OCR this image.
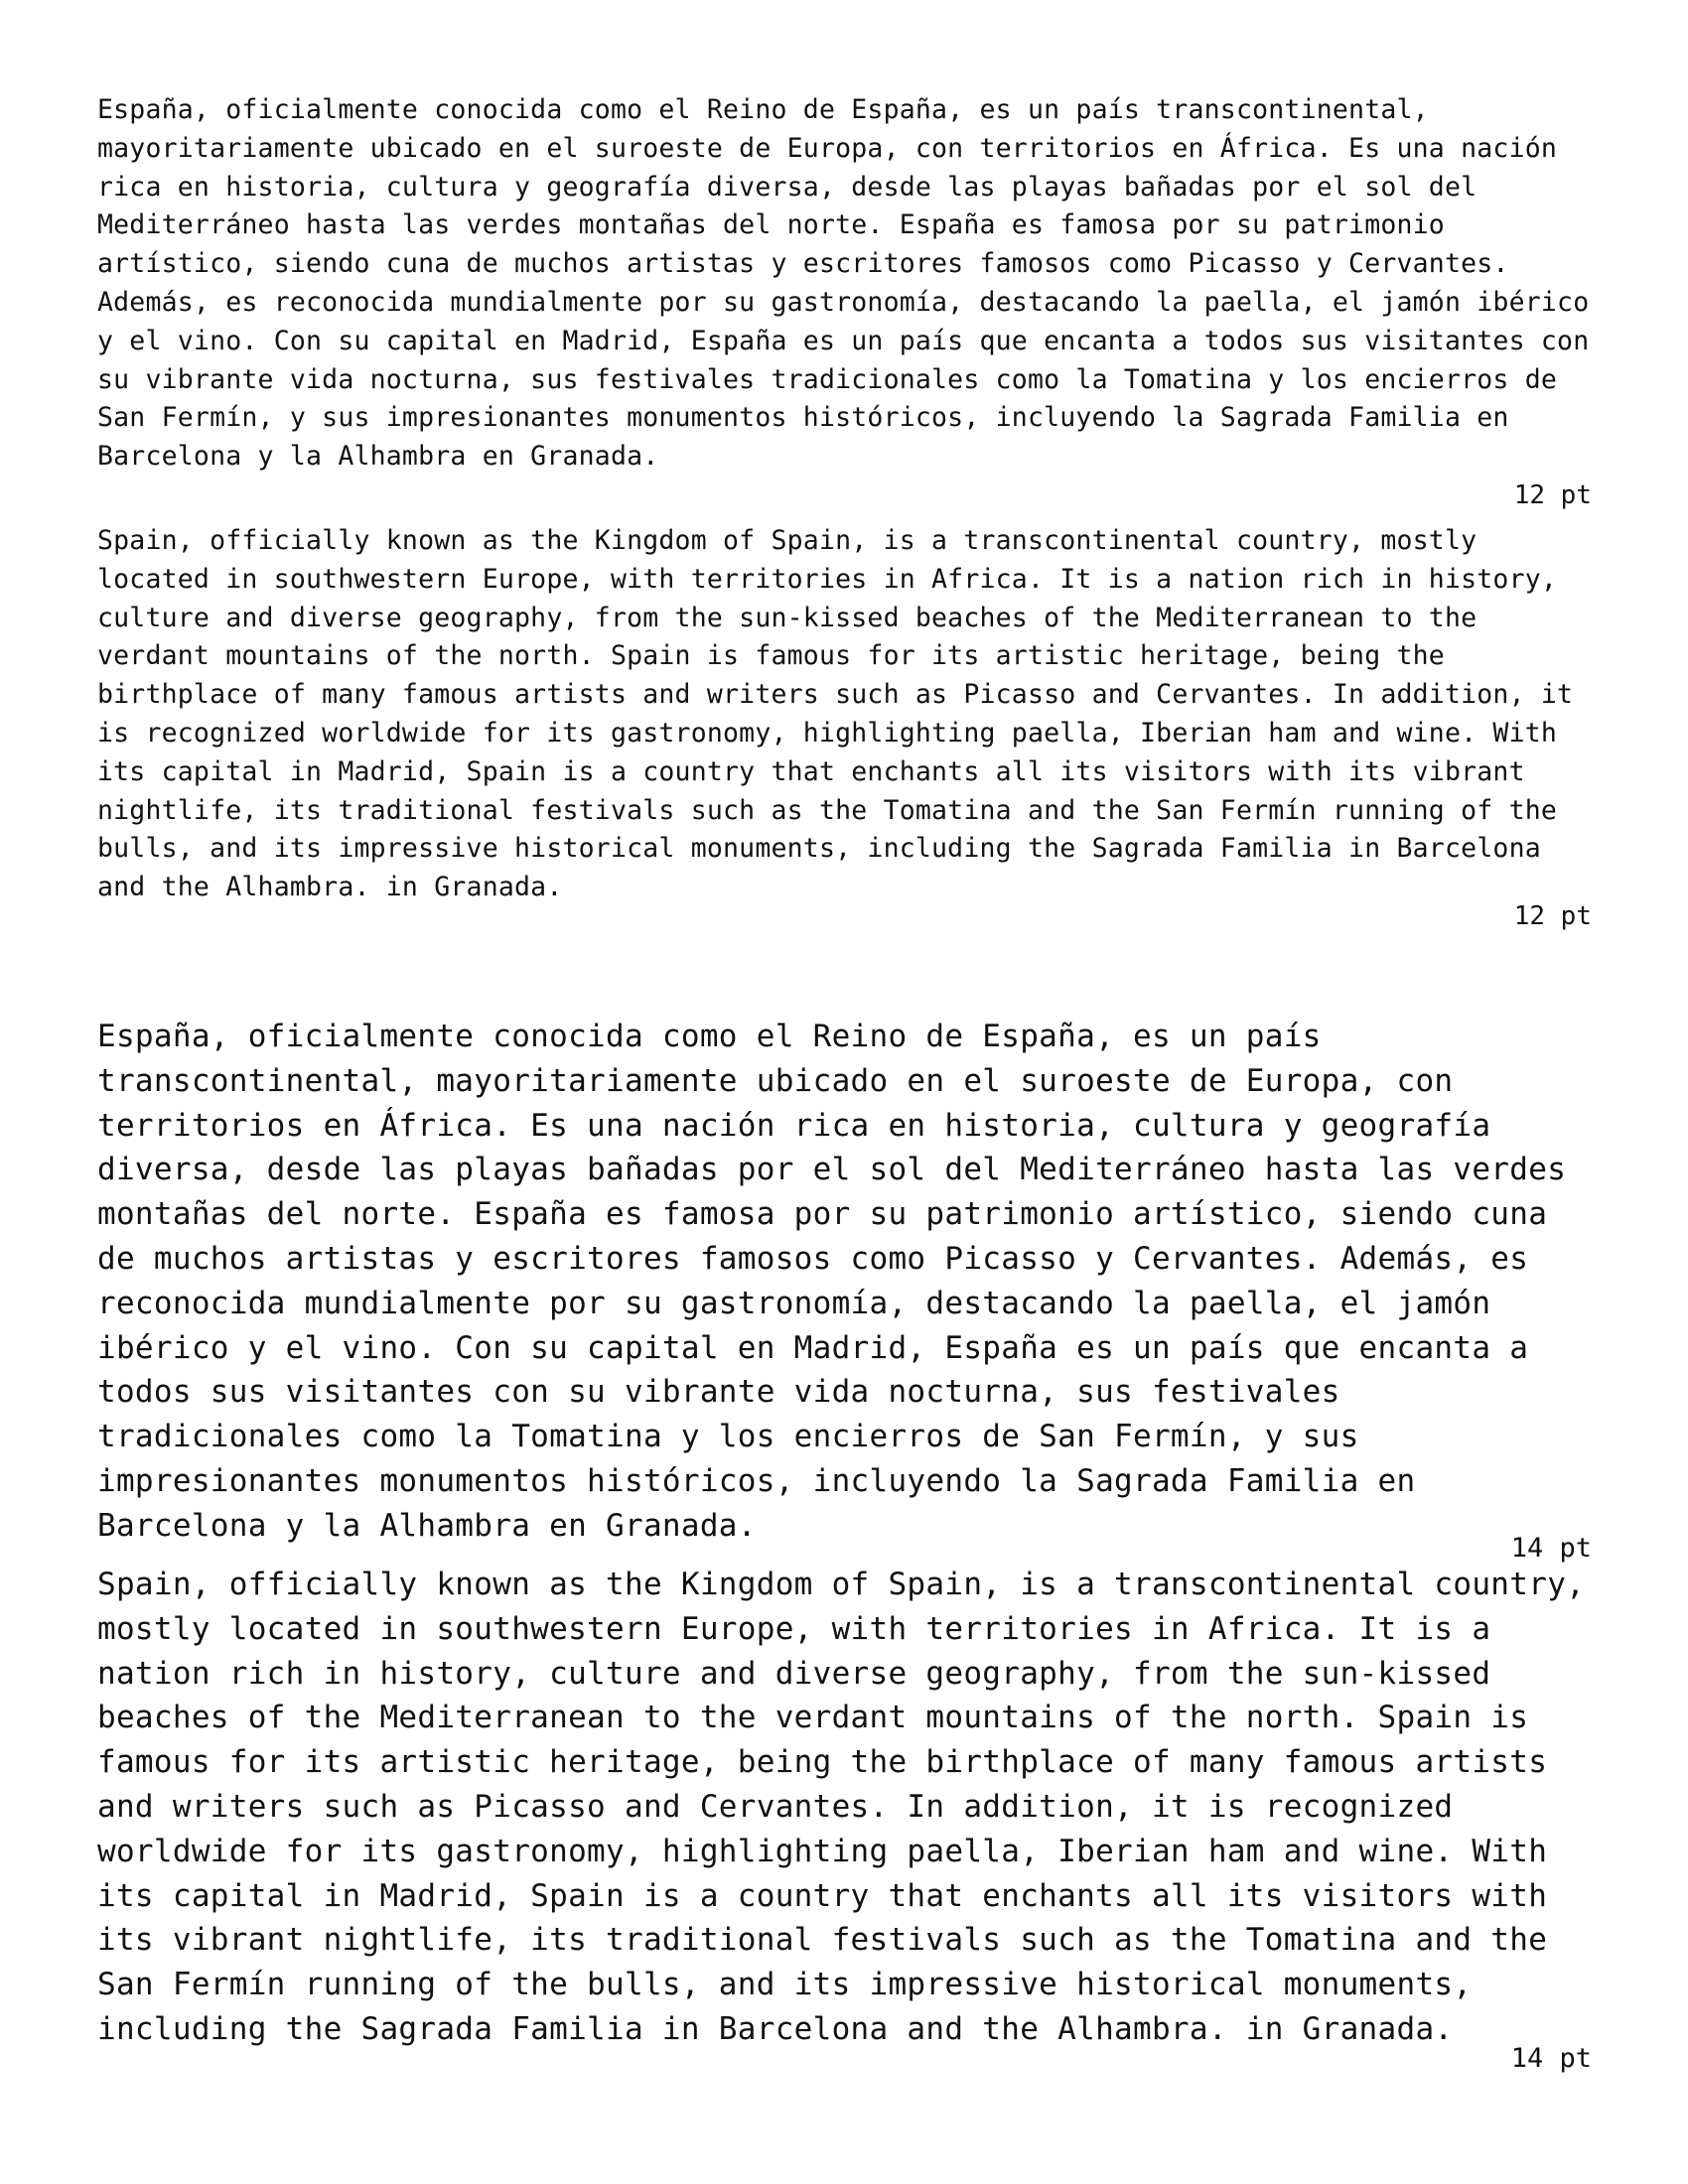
España, oficialmente conocida como el Reino de España, es un país transcontinental, mayoritariamente ubicado en el suroeste de Europa, con territorios en África. Es una nación rica en historia, cultura y geografía diversa, desde las playas bañadas por el sol del Mediterráneo hasta las verdes montañas del norte. España es famosa por su patrimonio artístico, siendo cuna de muchos artistas y escritores famosos como Picasso y Cervantes. Además, es reconocida mundialmente por su gastronomía, destacando la paella, el jamón ibérico y el vino. Con su capital en Madrid, España es un país que encanta a todos sus visitantes con su vibrante vida nocturna, sus festivales tradicionales como la Tomatina y los encierros de San Fermín, y sus impresionantes monumentos históricos, incluyendo la Sagrada Familia en Barcelona y la Alhambra en Granada.

12 pt

Spain, officially known as the Kingdom of Spain, is a transcontinental country, mostly located in southwestern Europe, with territories in Africa. It is a nation rich in history, culture and diverse geography, from the sun-kissed beaches of the Mediterranean to the verdant mountains of the north. Spain is famous for its artistic heritage, being the birthplace of many famous artists and writers such as Picasso and Cervantes. In addition, it is recognized worldwide for its gastronomy, highlighting paella, Iberian ham and wine. With its capital in Madrid, Spain is a country that enchants all its visitors with its vibrant nightlife, its traditional festivals such as the Tomatina and the San Fermín running of the bulls, and its impressive historical monuments, including the Sagrada Familia in Barcelona and the Alhambra. in Granada.

12 pt

España, oficialmente conocida como el Reino de España, es un país transcontinental, mayoritariamente ubicado en el suroeste de Europa, con territorios en África. Es una nación rica en historia, cultura y geografía diversa, desde las playas bañadas por el sol del Mediterráneo hasta las verdes montañas del norte. España es famosa por su patrimonio artístico, siendo cuna de muchos artistas y escritores famosos como Picasso y Cervantes. Además, es reconocida mundialmente por su gastronomía, destacando la paella, el jamón ibérico y el vino. Con su capital en Madrid, España es un país que encanta a todos sus visitantes con su vibrante vida nocturna, sus festivales tradicionales como la Tomatina y los encierros de San Fermín, y sus impresionantes monumentos históricos, incluyendo la Sagrada Familia en Barcelona y la Alhambra en Granada.

14 pt

Spain, officially known as the Kingdom of Spain, is a transcontinental country, mostly located in southwestern Europe, with territories in Africa. It is a nation rich in history, culture and diverse geography, from the sun-kissed beaches of the Mediterranean to the verdant mountains of the north. Spain is famous for its artistic heritage, being the birthplace of many famous artists and writers such as Picasso and Cervantes. In addition, it is recognized worldwide for its gastronomy, highlighting paella, Iberian ham and wine. With its capital in Madrid, Spain is a country that enchants all its visitors with its vibrant nightlife, its traditional festivals such as the Tomatina and the San Fermín running of the bulls, and its impressive historical monuments, including the Sagrada Familia in Barcelona and the Alhambra. in Granada.

14 pt
